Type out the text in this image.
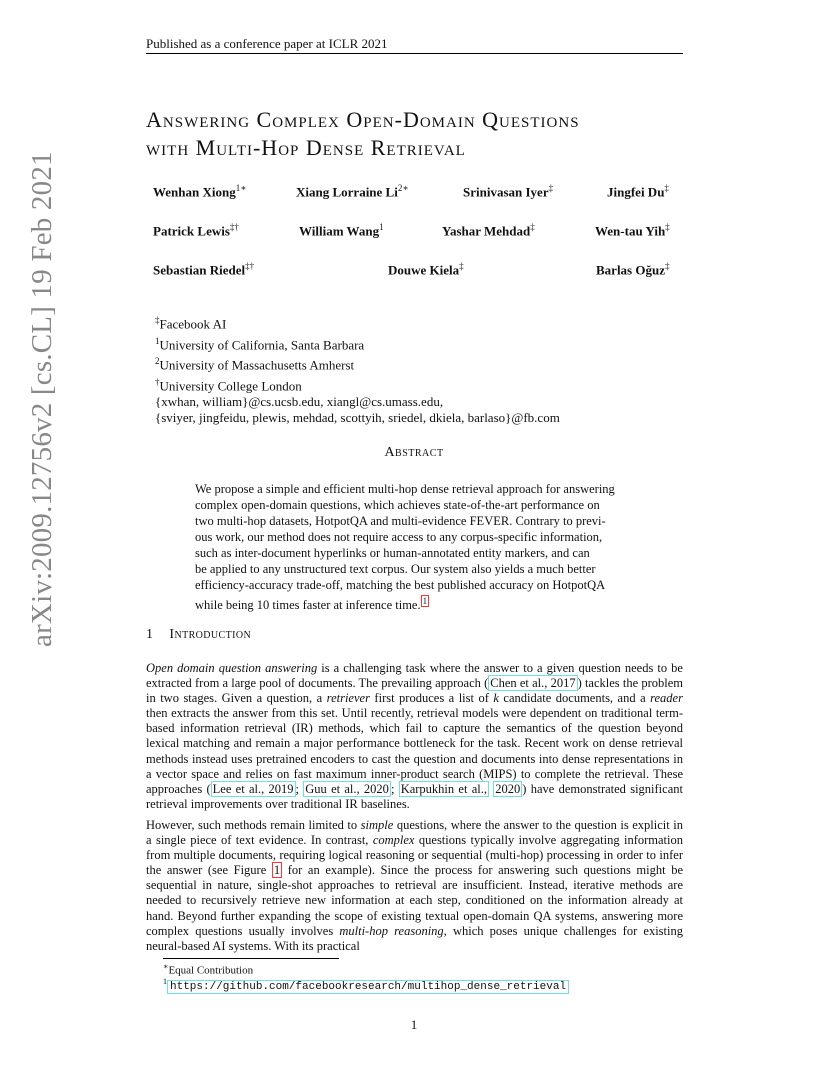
Published as a conference paper at ICLR 2021
arXiv:2009.12756v2 [cs.CL] 19 Feb 2021
Answering Complex Open-Domain Questions
with Multi-Hop Dense Retrieval
Wenhan Xiong$^{1∗}$	Xiang Lorraine $Li^{2∗}$	Srinivasan Iyer‡	Jingfei Du‡
Patrick Lewis‡†	William Wang$^1$	Yashar Mehdad‡	Wen-tau Yih‡
Sebastian Riedel‡†	Douwe Kiela‡	Barlas Oğuz‡
‡Facebook AI
$^1$University of California, Santa Barbara
$^2$University of Massachusetts Amherst
†University College London
{xwhan, william}@cs.ucsb.edu, xiangl@cs.umass.edu,
{sviyer, jingfeidu, plewis, mehdad, scottyih, sriedel, dkiela, barlaso}@fb.com
Abstract
We propose a simple and efficient multi-hop dense retrieval approach for answering
complex open-domain questions, which achieves state-of-the-art performance on
two multi-hop datasets, HotpotQA and multi-evidence FEVER. Contrary to previ-
ous work, our method does not require access to any corpus-specific information,
such as inter-document hyperlinks or human-annotated entity markers, and can
be applied to any unstructured text corpus. Our system also yields a much better
efficiency-accuracy trade-off, matching the best published accuracy on HotpotQA
while being 10 times faster at inference time. $^1$
1 Introduction
Open domain question answering is a challenging task where the answer to a given question needs to be extracted from a large pool of documents. The prevailing approach ( Chen et al., 2017 ) tackles the problem in two stages. Given a question, a retriever first produces a list of k candidate documents, and a reader then extracts the answer from this set. Until recently, retrieval models were dependent on traditional term-based information retrieval (IR) methods, which fail to capture the semantics of the question beyond lexical matching and remain a major performance bottleneck for the task. Recent work on dense retrieval methods instead uses pretrained encoders to cast the question and documents into dense representations in a vector space and relies on fast maximum inner-product search (MIPS) to complete the retrieval. These approaches ( Lee et al., 2019 ; Guu et al., 2020 ; Karpukhin et al., 2020 ) have demonstrated significant retrieval improvements over traditional IR baselines.
However, such methods remain limited to simple questions, where the answer to the question is explicit in a single piece of text evidence. In contrast, complex questions typically involve aggregating information from multiple documents, requiring logical reasoning or sequential (multi-hop) processing in order to infer the answer (see Figure 1 for an example). Since the process for answering such questions might be sequential in nature, single-shot approaches to retrieval are insufficient. Instead, iterative methods are needed to recursively retrieve new information at each step, conditioned on the information already at hand. Beyond further expanding the scope of existing textual open-domain QA systems, answering more complex questions usually involves multi-hop reasoning, which poses unique challenges for existing neural-based AI systems. With its practical
∗Equal Contribution
$^1$ https://github.com/facebookresearch/multihop_dense_retrieval
1
